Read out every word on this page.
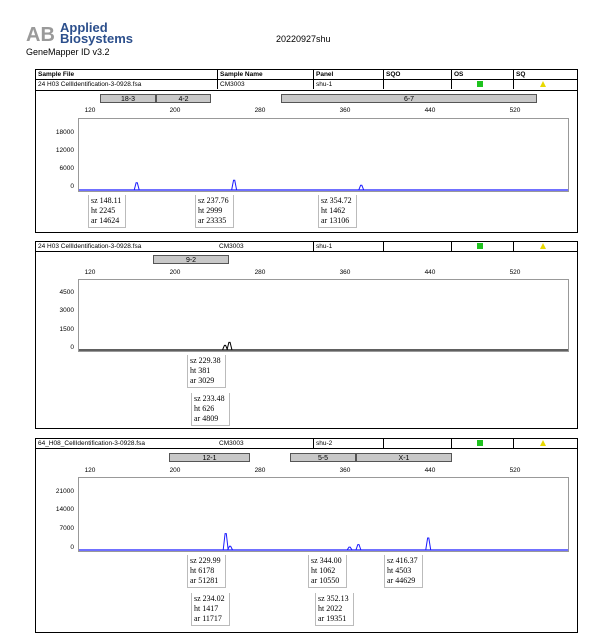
AB Applied
Biosystems
GeneMapper ID v3.2
20220927shu
Sample File	Sample Name	Panel	SQO	OS	SQ
24 H03 CellIdentification-3-0928.fsa	CM3003	shu-1
18-3	4-2	6-7
120	200	280	360	440	520
18000
12000
6000
0
sz 148.11
ht 2245
ar 14624
sz 237.76
ht 2999
ar 23335
sz 354.72
ht 1462
ar 13106
24 H03 CellIdentification-3-0928.fsa	CM3003	shu-1
9-2
120	200	280	360	440	520
4500
3000
1500
0
sz 229.38
ht 381
ar 3029
sz 233.48
ht 626
ar 4809
64_H08_CellIdentification-3-0928.fsa	CM3003	shu-2
12-1	5-5	X-1
120	200	280	360	440	520
21000
14000
7000
0
sz 229.99
ht 6178
ar 51281
sz 234.02
ht 1417
ar 11717
sz 344.00
ht 1062
ar 10550
sz 352.13
ht 2022
ar 19351
sz 416.37
ht 4503
ar 44629
